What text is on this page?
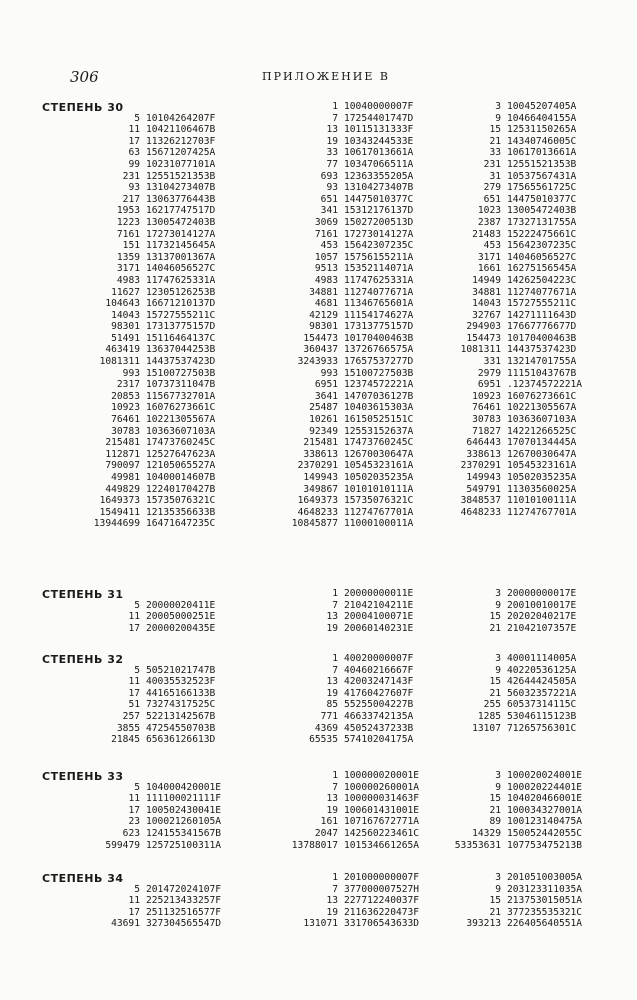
306	ПРИЛОЖЕНИЕ В
СТЕПЕНЬ 30
5 10104264207F
11 10421106467B
17 11326212703F
63 15671207425A
99 10231077101A
231 12551521353B
93 13104273407B
217 13063776443B
1953 16217747517D
1223 13005472403B
7161 17273014127A
151 11732145645A
1359 13137001367A
3171 14046056527C
4983 11747625331A
11627 12305126253B
104643 16671210137D
14043 15727555211C
98301 17313775157D
51491 15116464137C
463419 13637044253B
1081311 14437537423D
993 15100727503B
2317 10737311047B
20853 11567732701A
10923 16076273661C
76461 10221305567A
30783 10363607103A
215481 17473760245C
112871 12527647623A
790097 12105065527A
49981 10400014607B
449829 12240170427B
1649373 15735076321C
1549411 12135356633B
13944699 16471647235C
1 10040000007F
7 17254401747D
13 10115131333F
19 10343244533E
33 10617013661A
77 10347066511A
693 12363355205A
93 13104273407B
651 14475010377C
341 15312176137D
3069 15027200513D
7161 17273014127A
453 15642307235C
1057 15756155211A
9513 15352114071A
4983 11747625331A
34881 11274077671A
4681 11346765601A
42129 11154174627A
98301 17313775157D
154473 10170400463B
360437 13726766575A
3243933 17657537277D
993 15100727503B
6951 12374572221A
3641 14707036127B
25487 10403615303A
10261 16150525151C
92349 12553152637A
215481 17473760245C
338613 12670030647A
2370291 10545323161A
149943 10502035235A
349867 10101010111A
1649373 15735076321C
4648233 11274767701A
10845877 11000100011A
3 10045207405A
9 10466404155A
15 12531150265A
21 14340746005C
33 10617013661A
231 12551521353B
31 10537567431A
279 17565561725C
651 14475010377C
1023 13005472403B
2387 17327131755A
21483 15222475661C
453 15642307235C
3171 14046056527C
1661 16275156545A
14949 14262504223C
34881 11274077671A
14043 15727555211C
32767 14271111643D
294903 17667776677D
154473 10170400463B
1081311 14437537423D
331 13214701755A
2979 11151043767B
6951 .12374572221A
10923 16076273661C
76461 10221305567A
30783 10363607103A
71827 14221266525C
646443 17070134445A
338613 12670030647A
2370291 10545323161A
149943 10502035235A
549791 11303560025A
3848537 11010100111A
4648233 11274767701A
СТЕПЕНЬ 31
5 20000020411E
11 20005000251E
17 20000200435E
1 20000000011E
7 21042104211E
13 20004100071E
19 20060140231E
3 20000000017E
9 20010010017E
15 20202040217E
21 21042107357E
СТЕПЕНЬ 32
5 50521021747B
11 40035532523F
17 44165166133B
51 73274317525C
257 52213142567B
3855 47254550703B
21845 65636126613D
1 40020000007F
7 40460216667F
13 42003247143F
19 41760427607F
85 55255004227B
771 46633742135A
4369 45052437233B
65535 57410204175A
3 40001114005A
9 40220536125A
15 42644424505A
21 56032357221A
255 60537314115C
1285 53046115123B
13107 71265756301C
СТЕПЕНЬ 33
5 104000420001E
11 111100021111F
17 100502430041E
23 100021260105A
623 124155341567B
599479 125725100311A
1 100000020001E
7 100000260001A
13 100000031463F
19 100601431001E
161 107167672771A
2047 142560223461C
13788017 101534661265A
3 100020024001E
9 100020224401E
15 104020466001E
21 100034327001A
89 100123140475A
14329 150052442055C
53353631 107753475213B
СТЕПЕНЬ 34
5 201472024107F
11 225213433257F
17 251132516577F
43691 327304565547D
1 201000000007F
7 377000007527H
13 227712240037F
19 211636220473F
131071 331706543633D
3 201051003005A
9 203123311035A
15 213753015051A
21 377235535321C
393213 226405640551A
